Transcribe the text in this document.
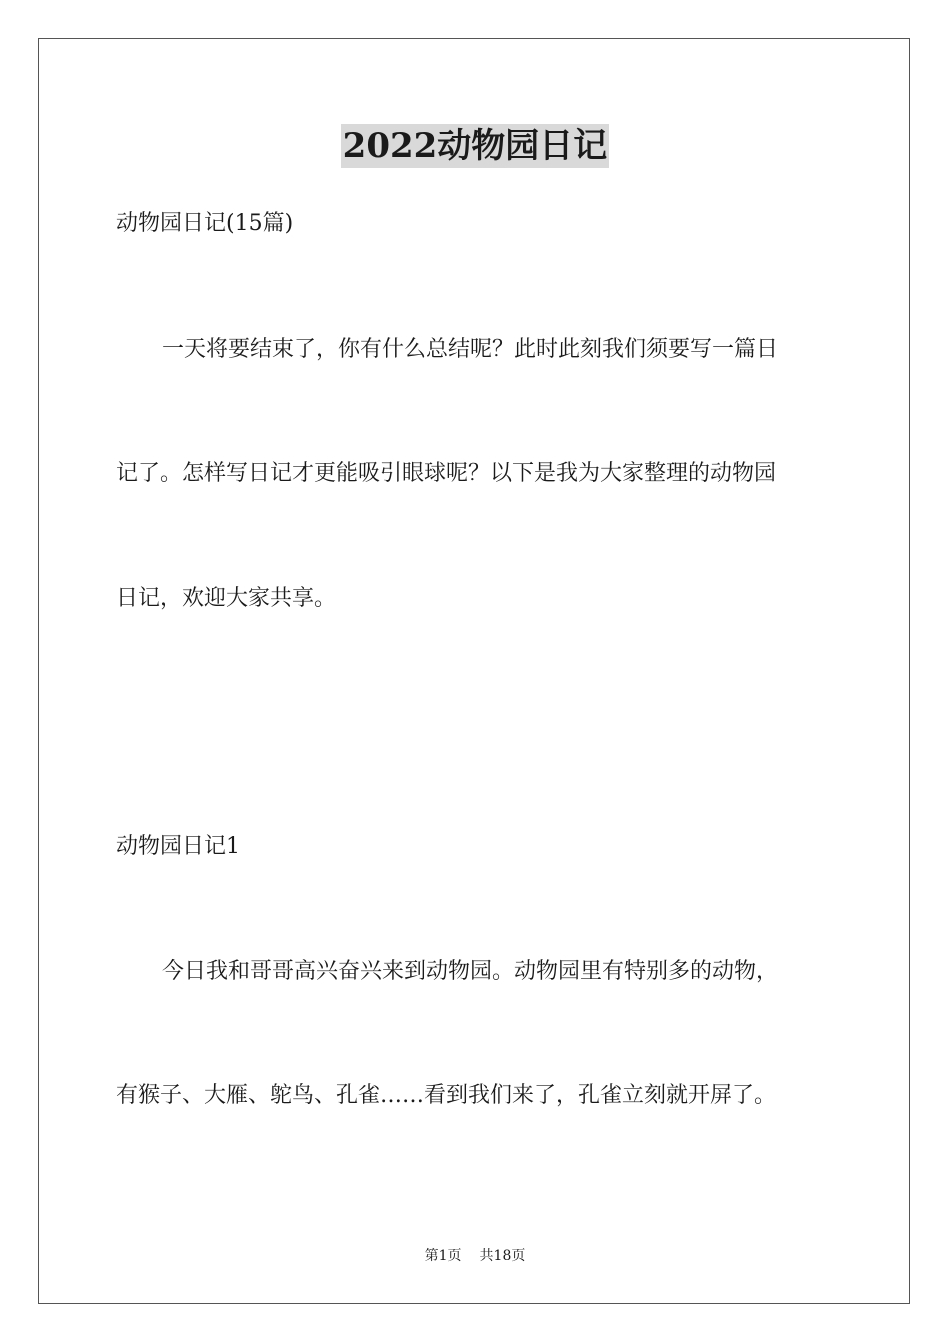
2022动物园日记
动物园日记(15篇)
一天将要结束了，你有什么总结呢？此时此刻我们须要写一篇日
记了。怎样写日记才更能吸引眼球呢？以下是我为大家整理的动物园
日记，欢迎大家共享。
动物园日记1
今日我和哥哥高兴奋兴来到动物园。动物园里有特别多的动物，
有猴子、大雁、鸵鸟、孔雀……看到我们来了，孔雀立刻就开屏了。
第1页 共18页
